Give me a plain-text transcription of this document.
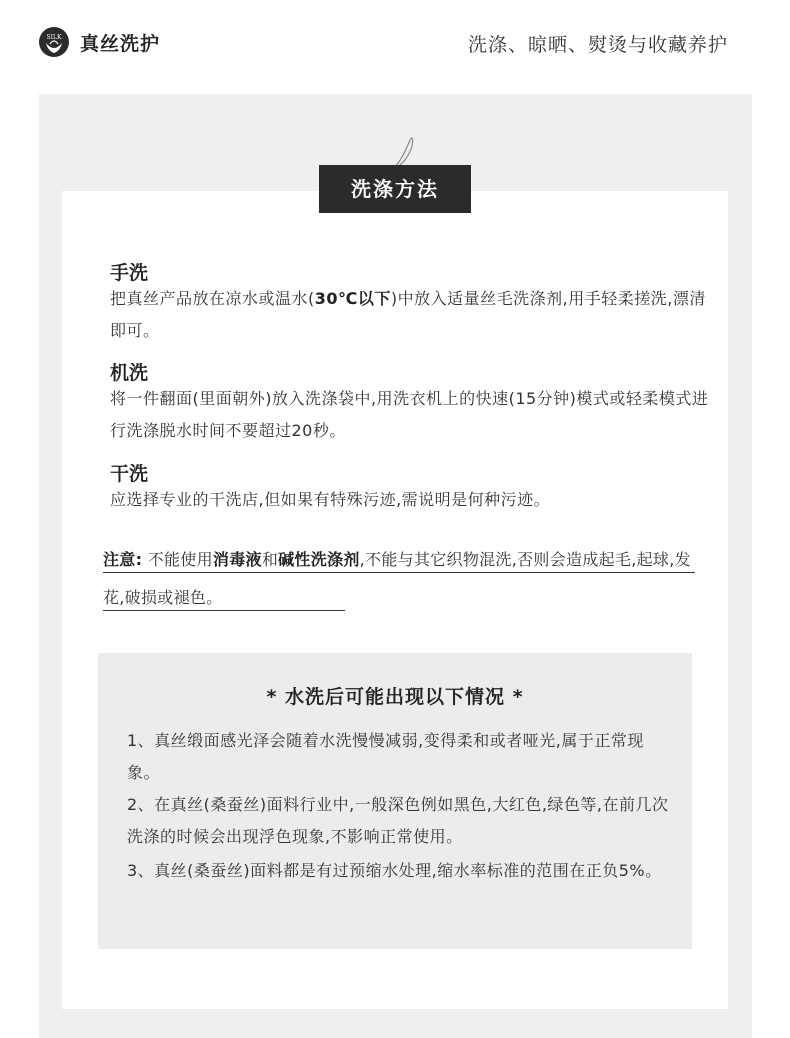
SILK 真丝洗护	洗涤、晾晒、熨烫与收藏养护
洗涤方法
手洗
把真丝产品放在凉水或温水(30℃以下)中放入适量丝毛洗涤剂,用手轻柔搓洗,漂清即可。
机洗
将一件翻面(里面朝外)放入洗涤袋中,用洗衣机上的快速(15分钟)模式或轻柔模式进行洗涤脱水时间不要超过20秒。
干洗
应选择专业的干洗店,但如果有特殊污迹,需说明是何种污迹。
注意: 不能使用消毒液和碱性洗涤剂,不能与其它织物混洗,否则会造成起毛,起球,发花,破损或褪色。
* 水洗后可能出现以下情况 *
1、真丝缎面感光泽会随着水洗慢慢减弱,变得柔和或者哑光,属于正常现象。
2、在真丝(桑蚕丝)面料行业中,一般深色例如黑色,大红色,绿色等,在前几次洗涤的时候会出现浮色现象,不影响正常使用。
3、真丝(桑蚕丝)面料都是有过预缩水处理,缩水率标准的范围在正负5%。
